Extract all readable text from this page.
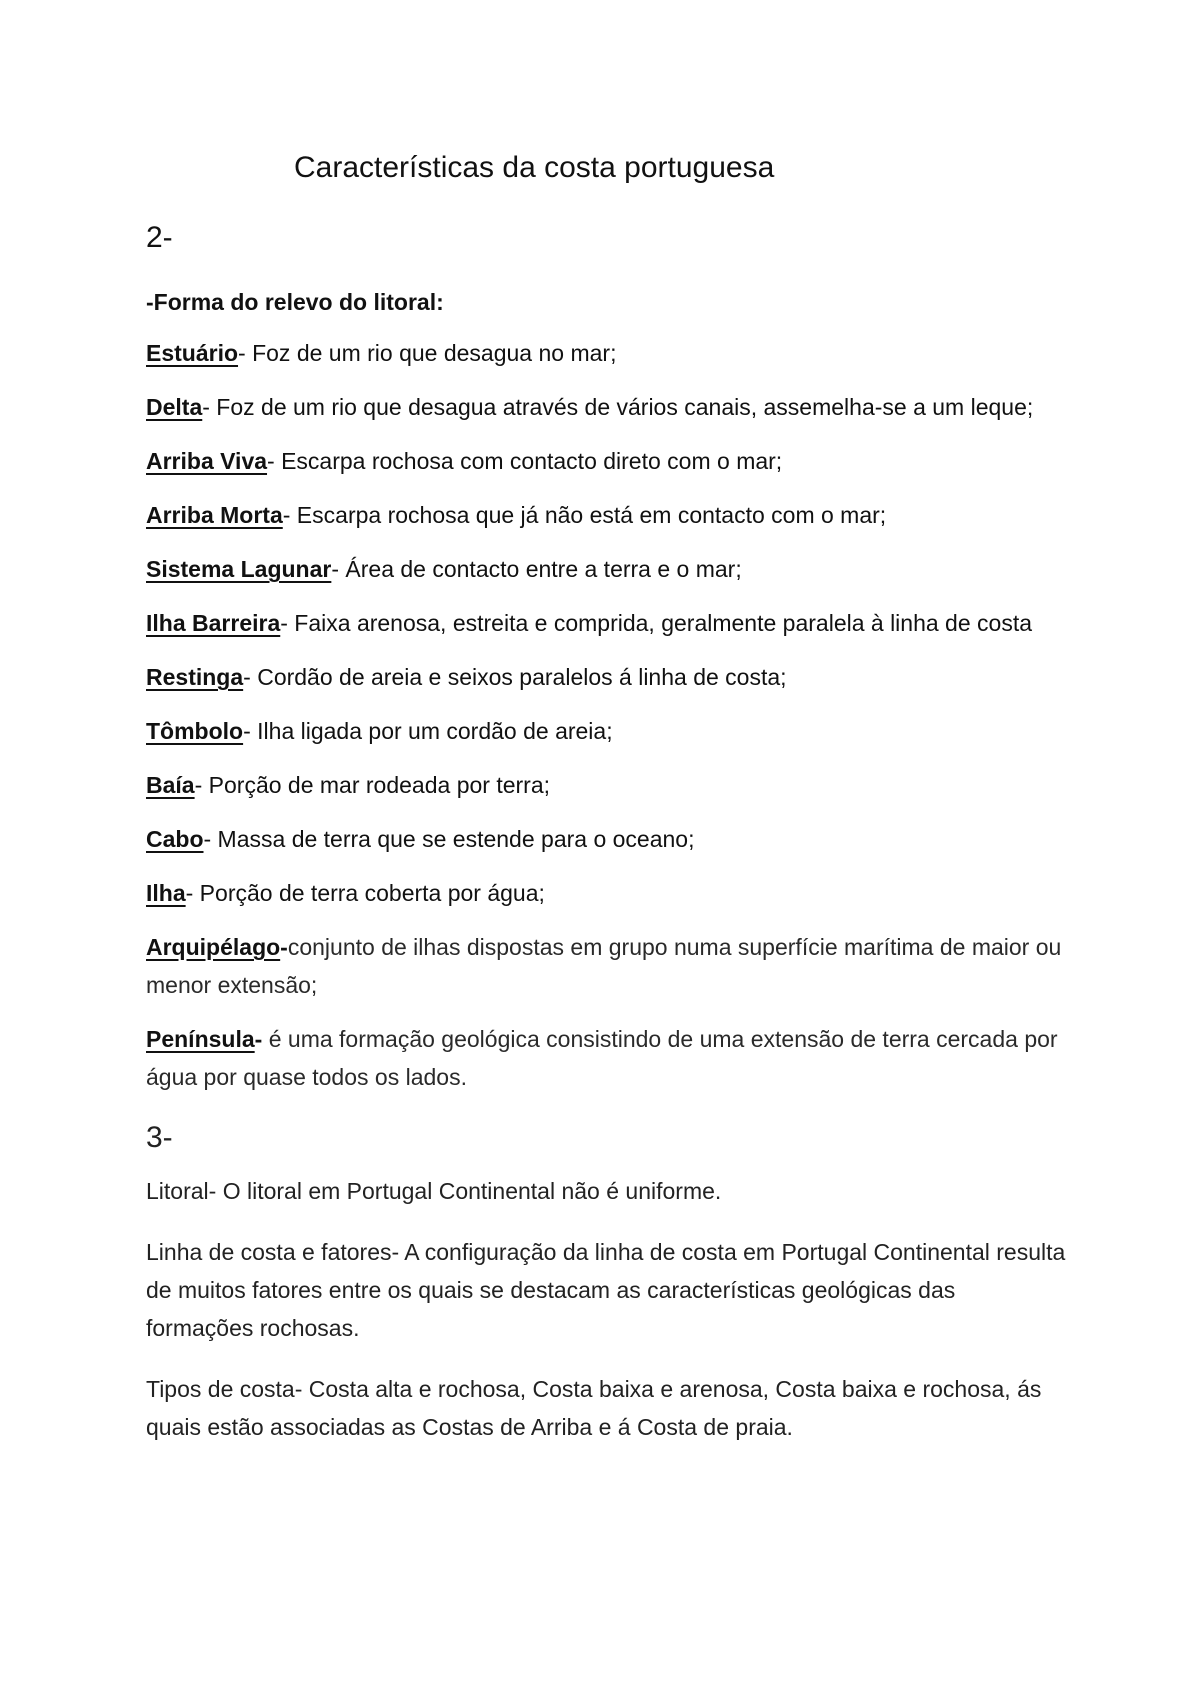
Características da costa portuguesa
2-
-Forma do relevo do litoral:
Estuário- Foz de um rio que desagua no mar;
Delta- Foz de um rio que desagua através de vários canais, assemelha-se a um leque;
Arriba Viva- Escarpa rochosa com contacto direto com o mar;
Arriba Morta- Escarpa rochosa que já não está em contacto com o mar;
Sistema Lagunar- Área de contacto entre a terra e o mar;
Ilha Barreira- Faixa arenosa, estreita e comprida, geralmente paralela à linha de costa
Restinga- Cordão de areia e seixos paralelos á linha de costa;
Tômbolo- Ilha ligada por um cordão de areia;
Baía- Porção de mar rodeada por terra;
Cabo- Massa de terra que se estende para o oceano;
Ilha- Porção de terra coberta por água;
Arquipélago-conjunto de ilhas dispostas em grupo numa superfície marítima de maior ou menor extensão;
Península- é uma formação geológica consistindo de uma extensão de terra cercada por água por quase todos os lados.
3-

Litoral- O litoral em Portugal Continental não é uniforme.

Linha de costa e fatores- A configuração da linha de costa em Portugal Continental resulta de muitos fatores entre os quais se destacam as características geológicas das formações rochosas.

Tipos de costa- Costa alta e rochosa, Costa baixa e arenosa, Costa baixa e rochosa, ás quais estão associadas as Costas de Arriba e á Costa de praia.
